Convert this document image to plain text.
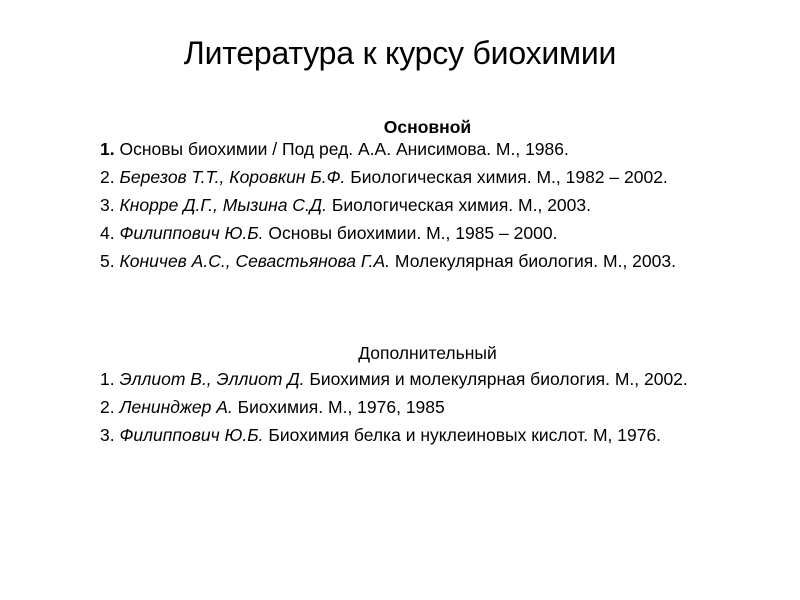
Литература к курсу биохимии
Основной
1. Основы биохимии / Под ред. А.А. Анисимова. М., 1986.
2. Березов Т.Т., Коровкин Б.Ф. Биологическая химия. М., 1982 – 2002.
3. Кнорре Д.Г., Мызина С.Д. Биологическая химия. М., 2003.
4. Филиппович Ю.Б. Основы биохимии. М., 1985 – 2000.
5. Коничев А.С., Севастьянова Г.А. Молекулярная биология. М., 2003.
Дополнительный
1. Эллиот В., Эллиот Д. Биохимия и молекулярная биология. М., 2002.
2. Ленинджер А. Биохимия. М., 1976, 1985
3. Филиппович Ю.Б. Биохимия белка и нуклеиновых кислот. М, 1976.
